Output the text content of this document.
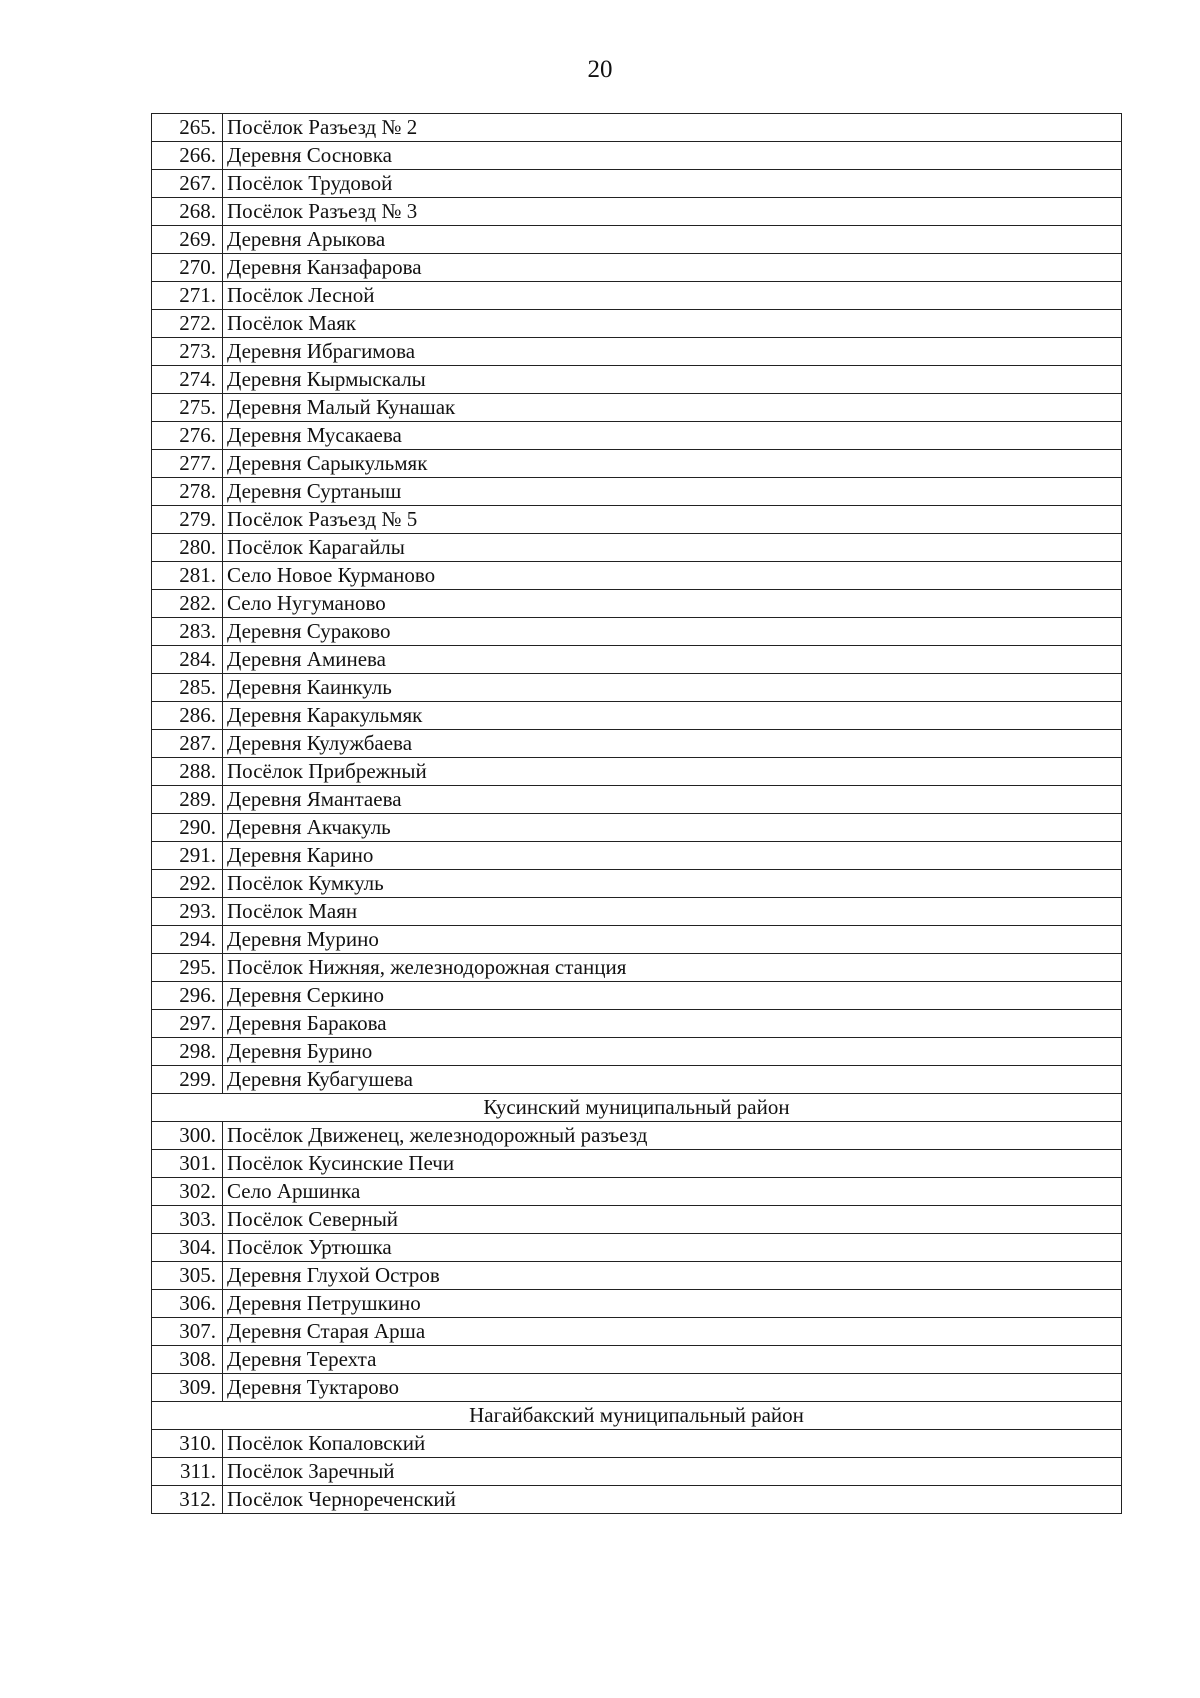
20
265.	Посёлок Разъезд № 2
266.	Деревня Сосновка
267.	Посёлок Трудовой
268.	Посёлок Разъезд № 3
269.	Деревня Арыкова
270.	Деревня Канзафарова
271.	Посёлок Лесной
272.	Посёлок Маяк
273.	Деревня Ибрагимова
274.	Деревня Кырмыскалы
275.	Деревня Малый Кунашак
276.	Деревня Мусакаева
277.	Деревня Сарыкульмяк
278.	Деревня Суртаныш
279.	Посёлок Разъезд № 5
280.	Посёлок Карагайлы
281.	Село Новое Курманово
282.	Село Нугуманово
283.	Деревня Сураково
284.	Деревня Аминева
285.	Деревня Каинкуль
286.	Деревня Каракульмяк
287.	Деревня Кулужбаева
288.	Посёлок Прибрежный
289.	Деревня Ямантаева
290.	Деревня Акчакуль
291.	Деревня Карино
292.	Посёлок Кумкуль
293.	Посёлок Маян
294.	Деревня Мурино
295.	Посёлок Нижняя, железнодорожная станция
296.	Деревня Серкино
297.	Деревня Баракова
298.	Деревня Бурино
299.	Деревня Кубагушева
Кусинский муниципальный район	
300.	Посёлок Движенец, железнодорожный разъезд
301.	Посёлок Кусинские Печи
302.	Село Аршинка
303.	Посёлок Северный
304.	Посёлок Уртюшка
305.	Деревня Глухой Остров
306.	Деревня Петрушкино
307.	Деревня Старая Арша
308.	Деревня Терехта
309.	Деревня Туктарово
Нагайбакский муниципальный район	
310.	Посёлок Копаловский
311.	Посёлок Заречный
312.	Посёлок Чернореченский
